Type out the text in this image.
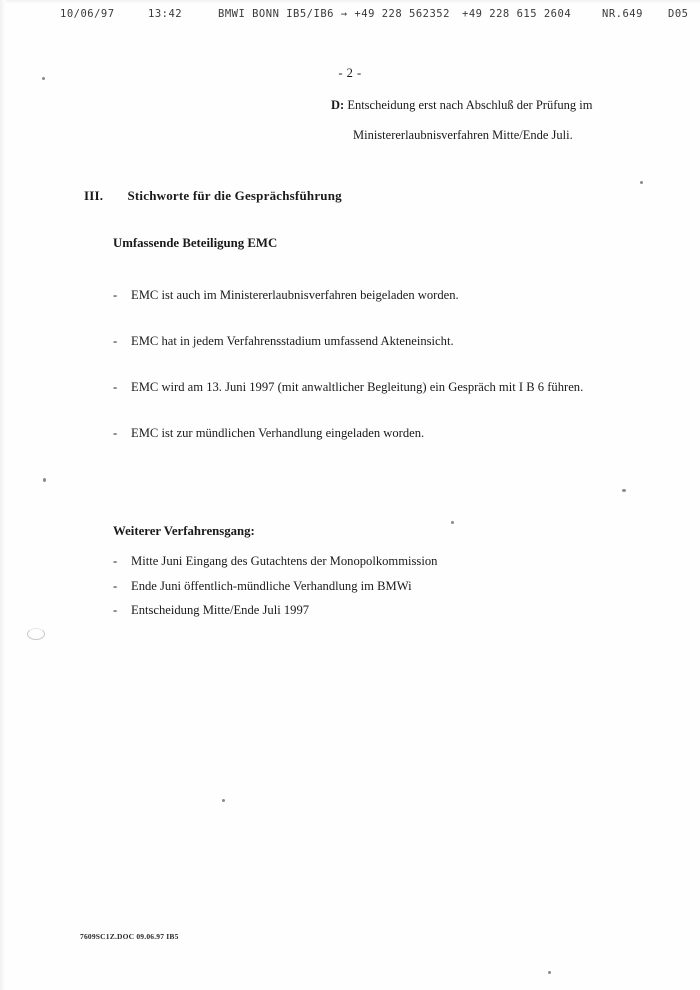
10/06/97	13:42	BMWI BONN IB5/IB6 → +49 228 562352 +49 228 615 2604	NR.649 D05
- 2 -
D: Entscheidung erst nach Abschluß der Prüfung im
Ministererlaubnisverfahren Mitte/Ende Juli.
III. Stichworte für die Gesprächsführung
Umfassende Beteiligung EMC
- EMC ist auch im Ministererlaubnisverfahren beigeladen worden.
- EMC hat in jedem Verfahrensstadium umfassend Akteneinsicht.
- EMC wird am 13. Juni 1997 (mit anwaltlicher Begleitung) ein Gespräch mit I B 6 führen.
- EMC ist zur mündlichen Verhandlung eingeladen worden.
Weiterer Verfahrensgang:
- Mitte Juni Eingang des Gutachtens der Monopolkommission
- Ende Juni öffentlich-mündliche Verhandlung im BMWi
- Entscheidung Mitte/Ende Juli 1997
7609SC1Z.DOC 09.06.97 IB5
